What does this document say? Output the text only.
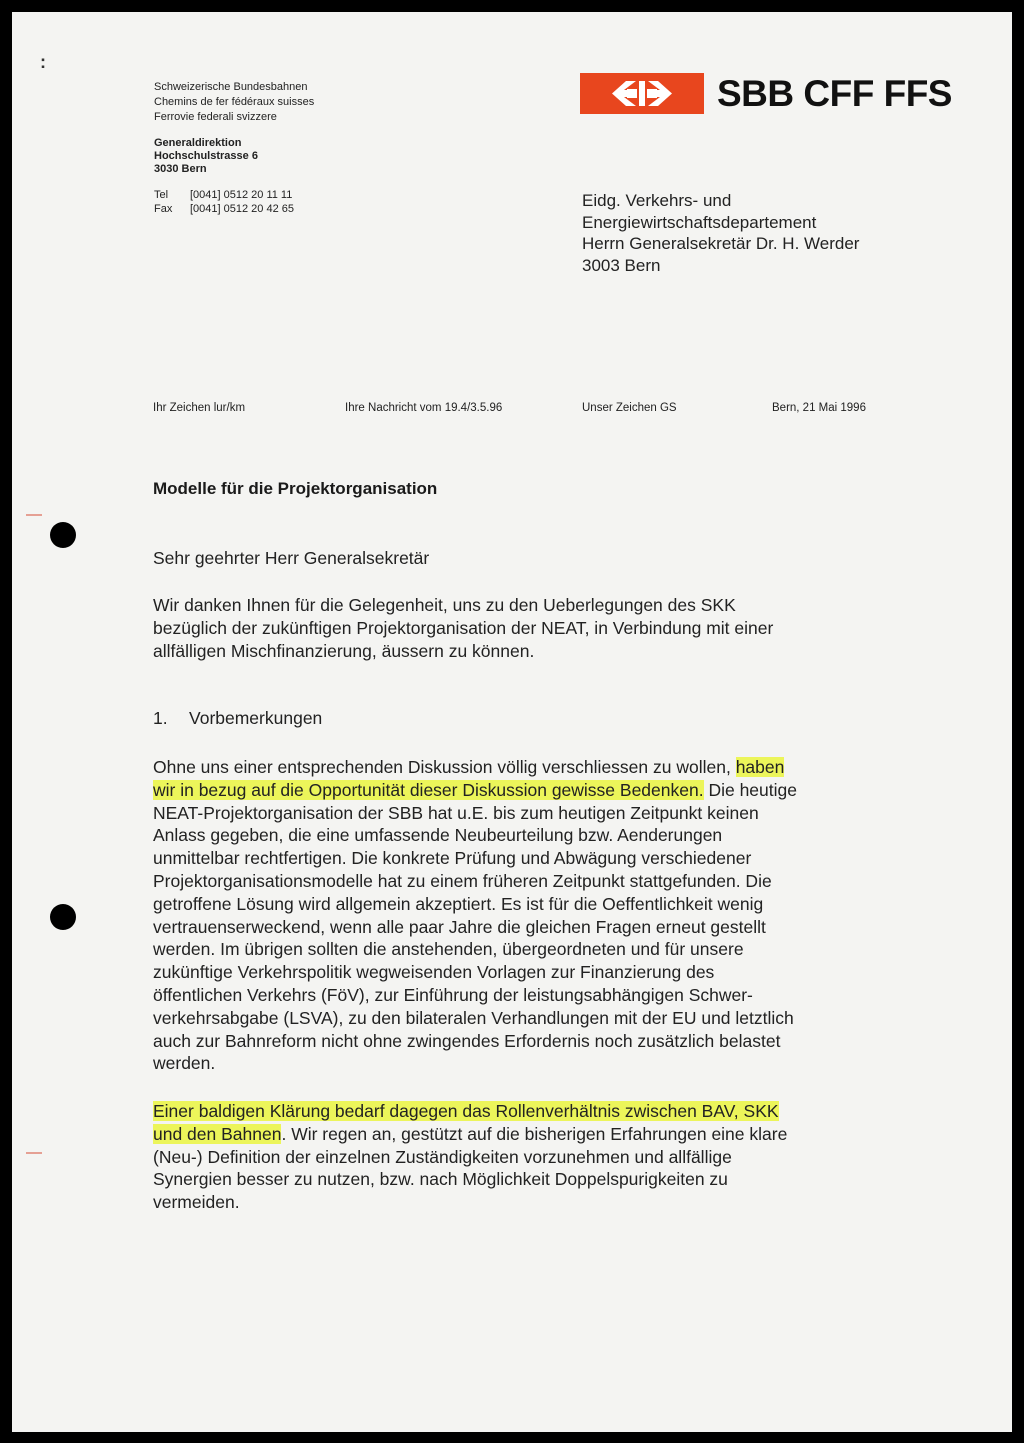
:
Schweizerische Bundesbahnen
Chemins de fer fédéraux suisses
Ferrovie federali svizzere
Generaldirektion
Hochschulstrasse 6
3030 Bern
Tel [0041] 0512 20 11 11
Fax [0041] 0512 20 42 65
SBB CFF FFS
Eidg. Verkehrs- und
Energiewirtschaftsdepartement
Herrn Generalsekretär Dr. H. Werder
3003 Bern
Ihr Zeichen lur/km	Ihre Nachricht vom 19.4/3.5.96	Unser Zeichen GS	Bern, 21 Mai 1996
Modelle für die Projektorganisation

Sehr geehrter Herr Generalsekretär

Wir danken Ihnen für die Gelegenheit, uns zu den Ueberlegungen des SKK

bezüglich der zukünftigen Projektorganisation der NEAT, in Verbindung mit einer

allfälligen Mischfinanzierung, äussern zu können.

1. Vorbemerkungen

Ohne uns einer entsprechenden Diskussion völlig verschliessen zu wollen, haben

wir in bezug auf die Opportunität dieser Diskussion gewisse Bedenken. Die heutige

NEAT-Projektorganisation der SBB hat u.E. bis zum heutigen Zeitpunkt keinen

Anlass gegeben, die eine umfassende Neubeurteilung bzw. Aenderungen

unmittelbar rechtfertigen. Die konkrete Prüfung und Abwägung verschiedener

Projektorganisationsmodelle hat zu einem früheren Zeitpunkt stattgefunden. Die

getroffene Lösung wird allgemein akzeptiert. Es ist für die Oeffentlichkeit wenig

vertrauenserweckend, wenn alle paar Jahre die gleichen Fragen erneut gestellt

werden. Im übrigen sollten die anstehenden, übergeordneten und für unsere

zukünftige Verkehrspolitik wegweisenden Vorlagen zur Finanzierung des

öffentlichen Verkehrs (FöV), zur Einführung der leistungsabhängigen Schwer-

verkehrsabgabe (LSVA), zu den bilateralen Verhandlungen mit der EU und letztlich

auch zur Bahnreform nicht ohne zwingendes Erfordernis noch zusätzlich belastet

werden.

Einer baldigen Klärung bedarf dagegen das Rollenverhältnis zwischen BAV, SKK

und den Bahnen. Wir regen an, gestützt auf die bisherigen Erfahrungen eine klare

(Neu-) Definition der einzelnen Zuständigkeiten vorzunehmen und allfällige

Synergien besser zu nutzen, bzw. nach Möglichkeit Doppelspurigkeiten zu

vermeiden.
